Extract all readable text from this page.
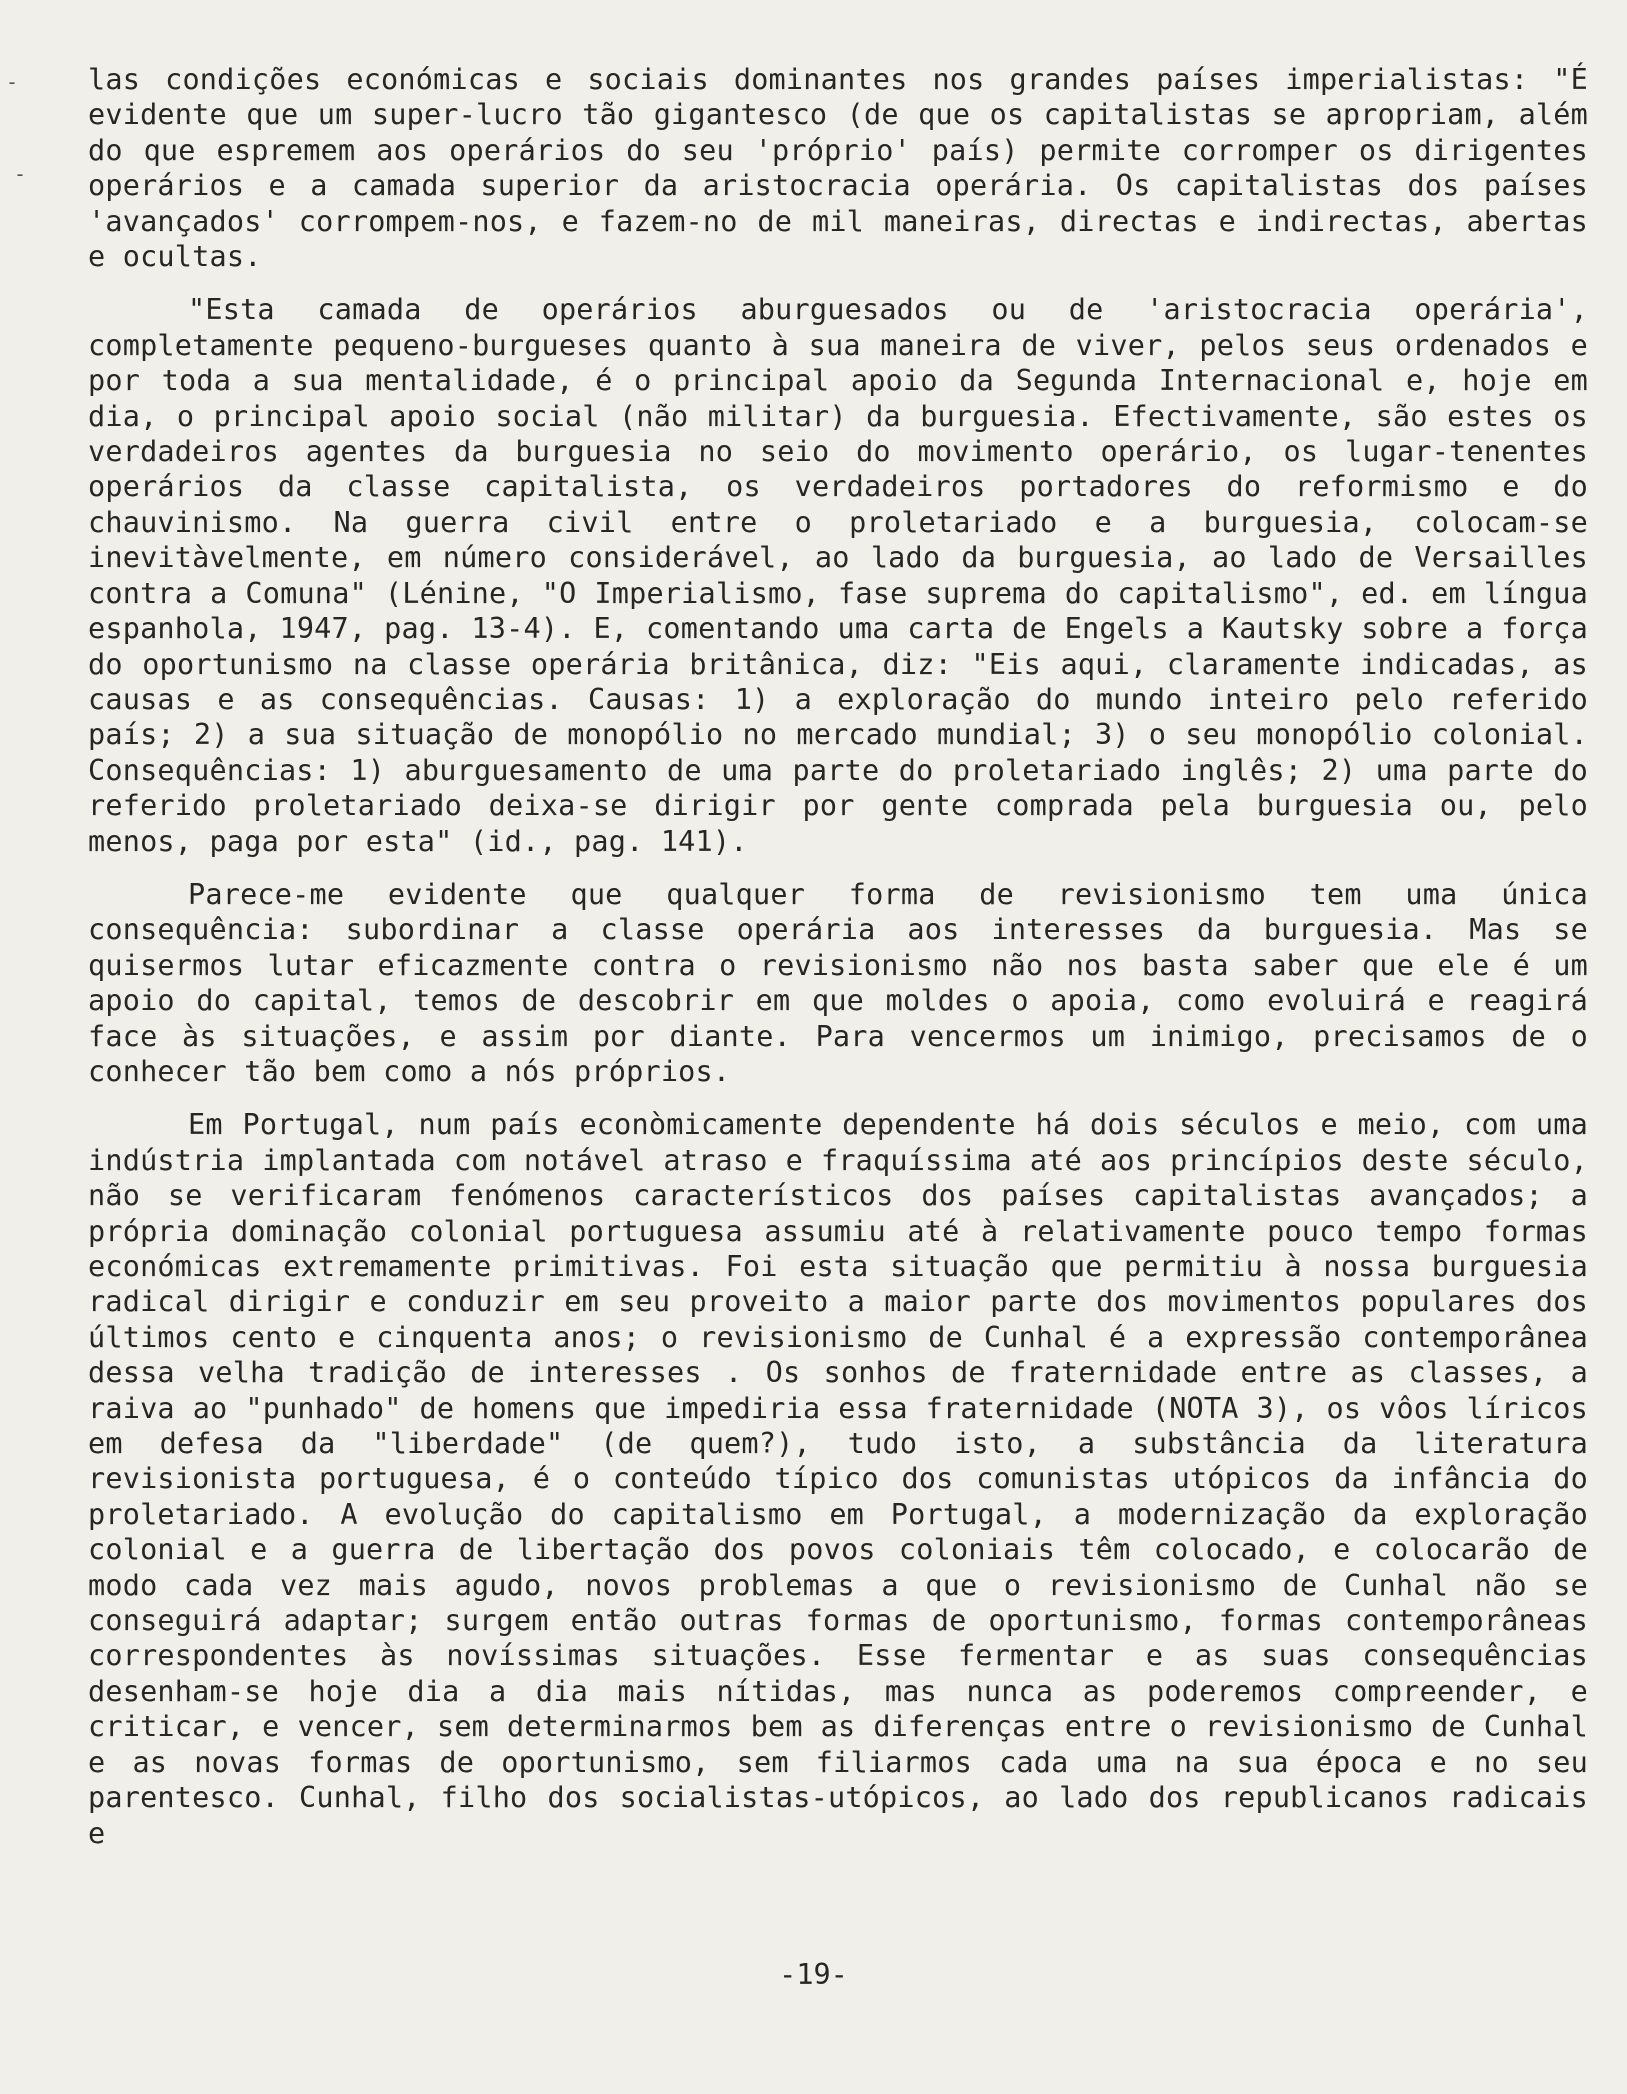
-
-

las condições económicas e sociais dominantes nos grandes países imperialistas: "É evidente que um super-lucro tão gigantesco (de que os capitalistas se apropriam, além do que espremem aos operários do seu 'próprio' país) permite corromper os dirigentes operários e a camada superior da aristocracia operária. Os capitalistas dos países 'avançados' corrompem-nos, e fazem-no de mil maneiras, directas e indirectas, abertas e ocultas.

"Esta camada de operários aburguesados ou de 'aristocracia operária', completamente pequeno-burgueses quanto à sua maneira de viver, pelos seus ordenados e por toda a sua mentalidade, é o principal apoio da Segunda Internacional e, hoje em dia, o principal apoio social (não militar) da burguesia. Efectivamente, são estes os verdadeiros agentes da burguesia no seio do movimento operário, os lugar-tenentes operários da classe capitalista, os verdadeiros portadores do reformismo e do chauvinismo. Na guerra civil entre o proletariado e a burguesia, colocam-se inevitàvelmente, em número considerável, ao lado da burguesia, ao lado de Versailles contra a Comuna" (Lénine, "O Imperialismo, fase suprema do capitalismo", ed. em língua espanhola, 1947, pag. 13-4). E, comentando uma carta de Engels a Kautsky sobre a força do oportunismo na classe operária britânica, diz: "Eis aqui, claramente indicadas, as causas e as consequências. Causas: 1) a exploração do mundo inteiro pelo referido país; 2) a sua situação de monopólio no mercado mundial; 3) o seu monopólio colonial. Consequências: 1) aburguesamento de uma parte do proletariado inglês; 2) uma parte do referido proletariado deixa-se dirigir por gente comprada pela burguesia ou, pelo menos, paga por esta" (id., pag. 141).

Parece-me evidente que qualquer forma de revisionismo tem uma única consequência: subordinar a classe operária aos interesses da burguesia. Mas se quisermos lutar eficazmente contra o revisionismo não nos basta saber que ele é um apoio do capital, temos de descobrir em que moldes o apoia, como evoluirá e reagirá face às situações, e assim por diante. Para vencermos um inimigo, precisamos de o conhecer tão bem como a nós próprios.

Em Portugal, num país econòmicamente dependente há dois séculos e meio, com uma indústria implantada com notável atraso e fraquíssima até aos princípios deste século, não se verificaram fenómenos característicos dos países capitalistas avançados; a própria dominação colonial portuguesa assumiu até à relativamente pouco tempo formas económicas extremamente primitivas. Foi esta situação que permitiu à nossa burguesia radical dirigir e conduzir em seu proveito a maior parte dos movimentos populares dos últimos cento e cinquenta anos; o revisionismo de Cunhal é a expressão contemporânea dessa velha tradição de interesses . Os sonhos de fraternidade entre as classes, a raiva ao "punhado" de homens que impediria essa fraternidade (NOTA 3), os vôos líricos em defesa da "liberdade" (de quem?), tudo isto, a substância da literatura revisionista portuguesa, é o conteúdo típico dos comunistas utópicos da infância do proletariado. A evolução do capitalismo em Portugal, a modernização da exploração colonial e a guerra de libertação dos povos coloniais têm colocado, e colocarão de modo cada vez mais agudo, novos problemas a que o revisionismo de Cunhal não se conseguirá adaptar; surgem então outras formas de oportunismo, formas contemporâneas correspondentes às novíssimas situações. Esse fermentar e as suas consequências desenham-se hoje dia a dia mais nítidas, mas nunca as poderemos compreender, e criticar, e vencer, sem determinarmos bem as diferenças entre o revisionismo de Cunhal e as novas formas de oportunismo, sem filiarmos cada uma na sua época e no seu parentesco. Cunhal, filho dos socialistas-utópicos, ao lado dos republicanos radicais e

-19-
